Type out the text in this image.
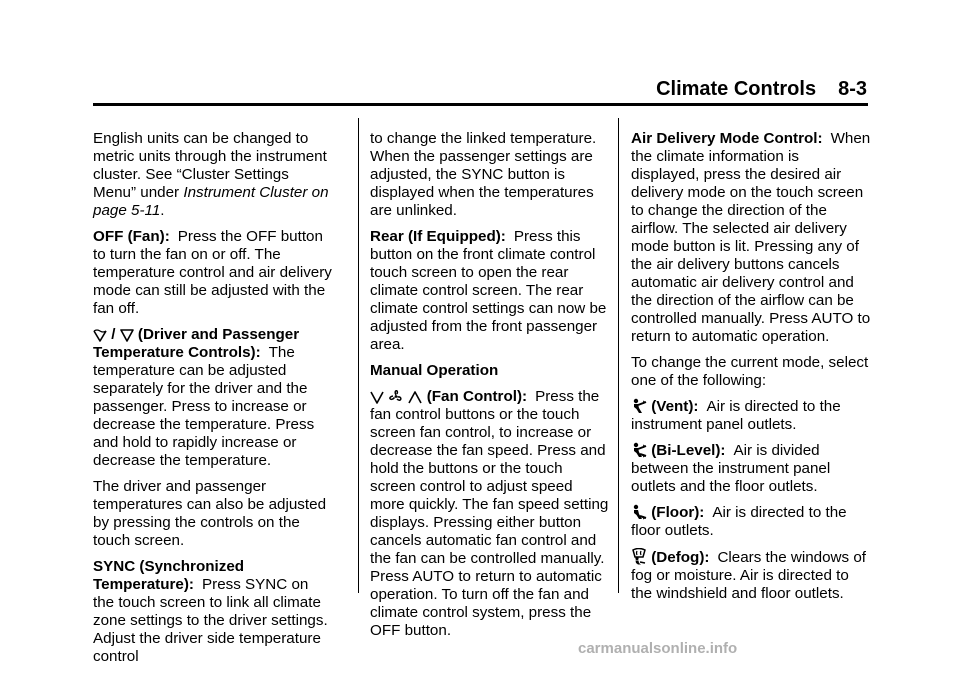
Climate Controls 8-3

English units can be changed to metric units through the instrument cluster. See “Cluster Settings Menu” under Instrument Cluster on page 5-11.

OFF (Fan): Press the OFF button to turn the fan on or off. The temperature control and air delivery mode can still be adjusted with the fan off.

/
(Driver and Passenger Temperature Controls): The temperature can be adjusted separately for the driver and the passenger. Press to increase or decrease the temperature. Press and hold to rapidly increase or decrease the temperature.

The driver and passenger temperatures can also be adjusted by pressing the controls on the touch screen.

SYNC (Synchronized Temperature): Press SYNC on the touch screen to link all climate zone settings to the driver settings. Adjust the driver side temperature control

to change the linked temperature. When the passenger settings are adjusted, the SYNC button is displayed when the temperatures are unlinked.

Rear (If Equipped): Press this button on the front climate control touch screen to open the rear climate control screen. The rear climate control settings can now be adjusted from the front passenger area.

Manual Operation

(Fan Control): Press the fan control buttons or the touch screen fan control, to increase or decrease the fan speed. Press and hold the buttons or the touch screen control to adjust speed more quickly. The fan speed setting displays. Pressing either button cancels automatic fan control and the fan can be controlled manually. Press AUTO to return to automatic operation. To turn off the fan and climate control system, press the OFF button.

Air Delivery Mode Control: When the climate information is displayed, press the desired air delivery mode on the touch screen to change the direction of the airflow. The selected air delivery mode button is lit. Pressing any of the air delivery buttons cancels automatic air delivery control and the direction of the airflow can be controlled manually. Press AUTO to return to automatic operation.

To change the current mode, select one of the following:

(Vent): Air is directed to the instrument panel outlets.

(Bi-Level): Air is divided between the instrument panel outlets and the floor outlets.

(Floor): Air is directed to the floor outlets.

(Defog): Clears the windows of fog or moisture. Air is directed to the windshield and floor outlets.

carmanualsonline.info
